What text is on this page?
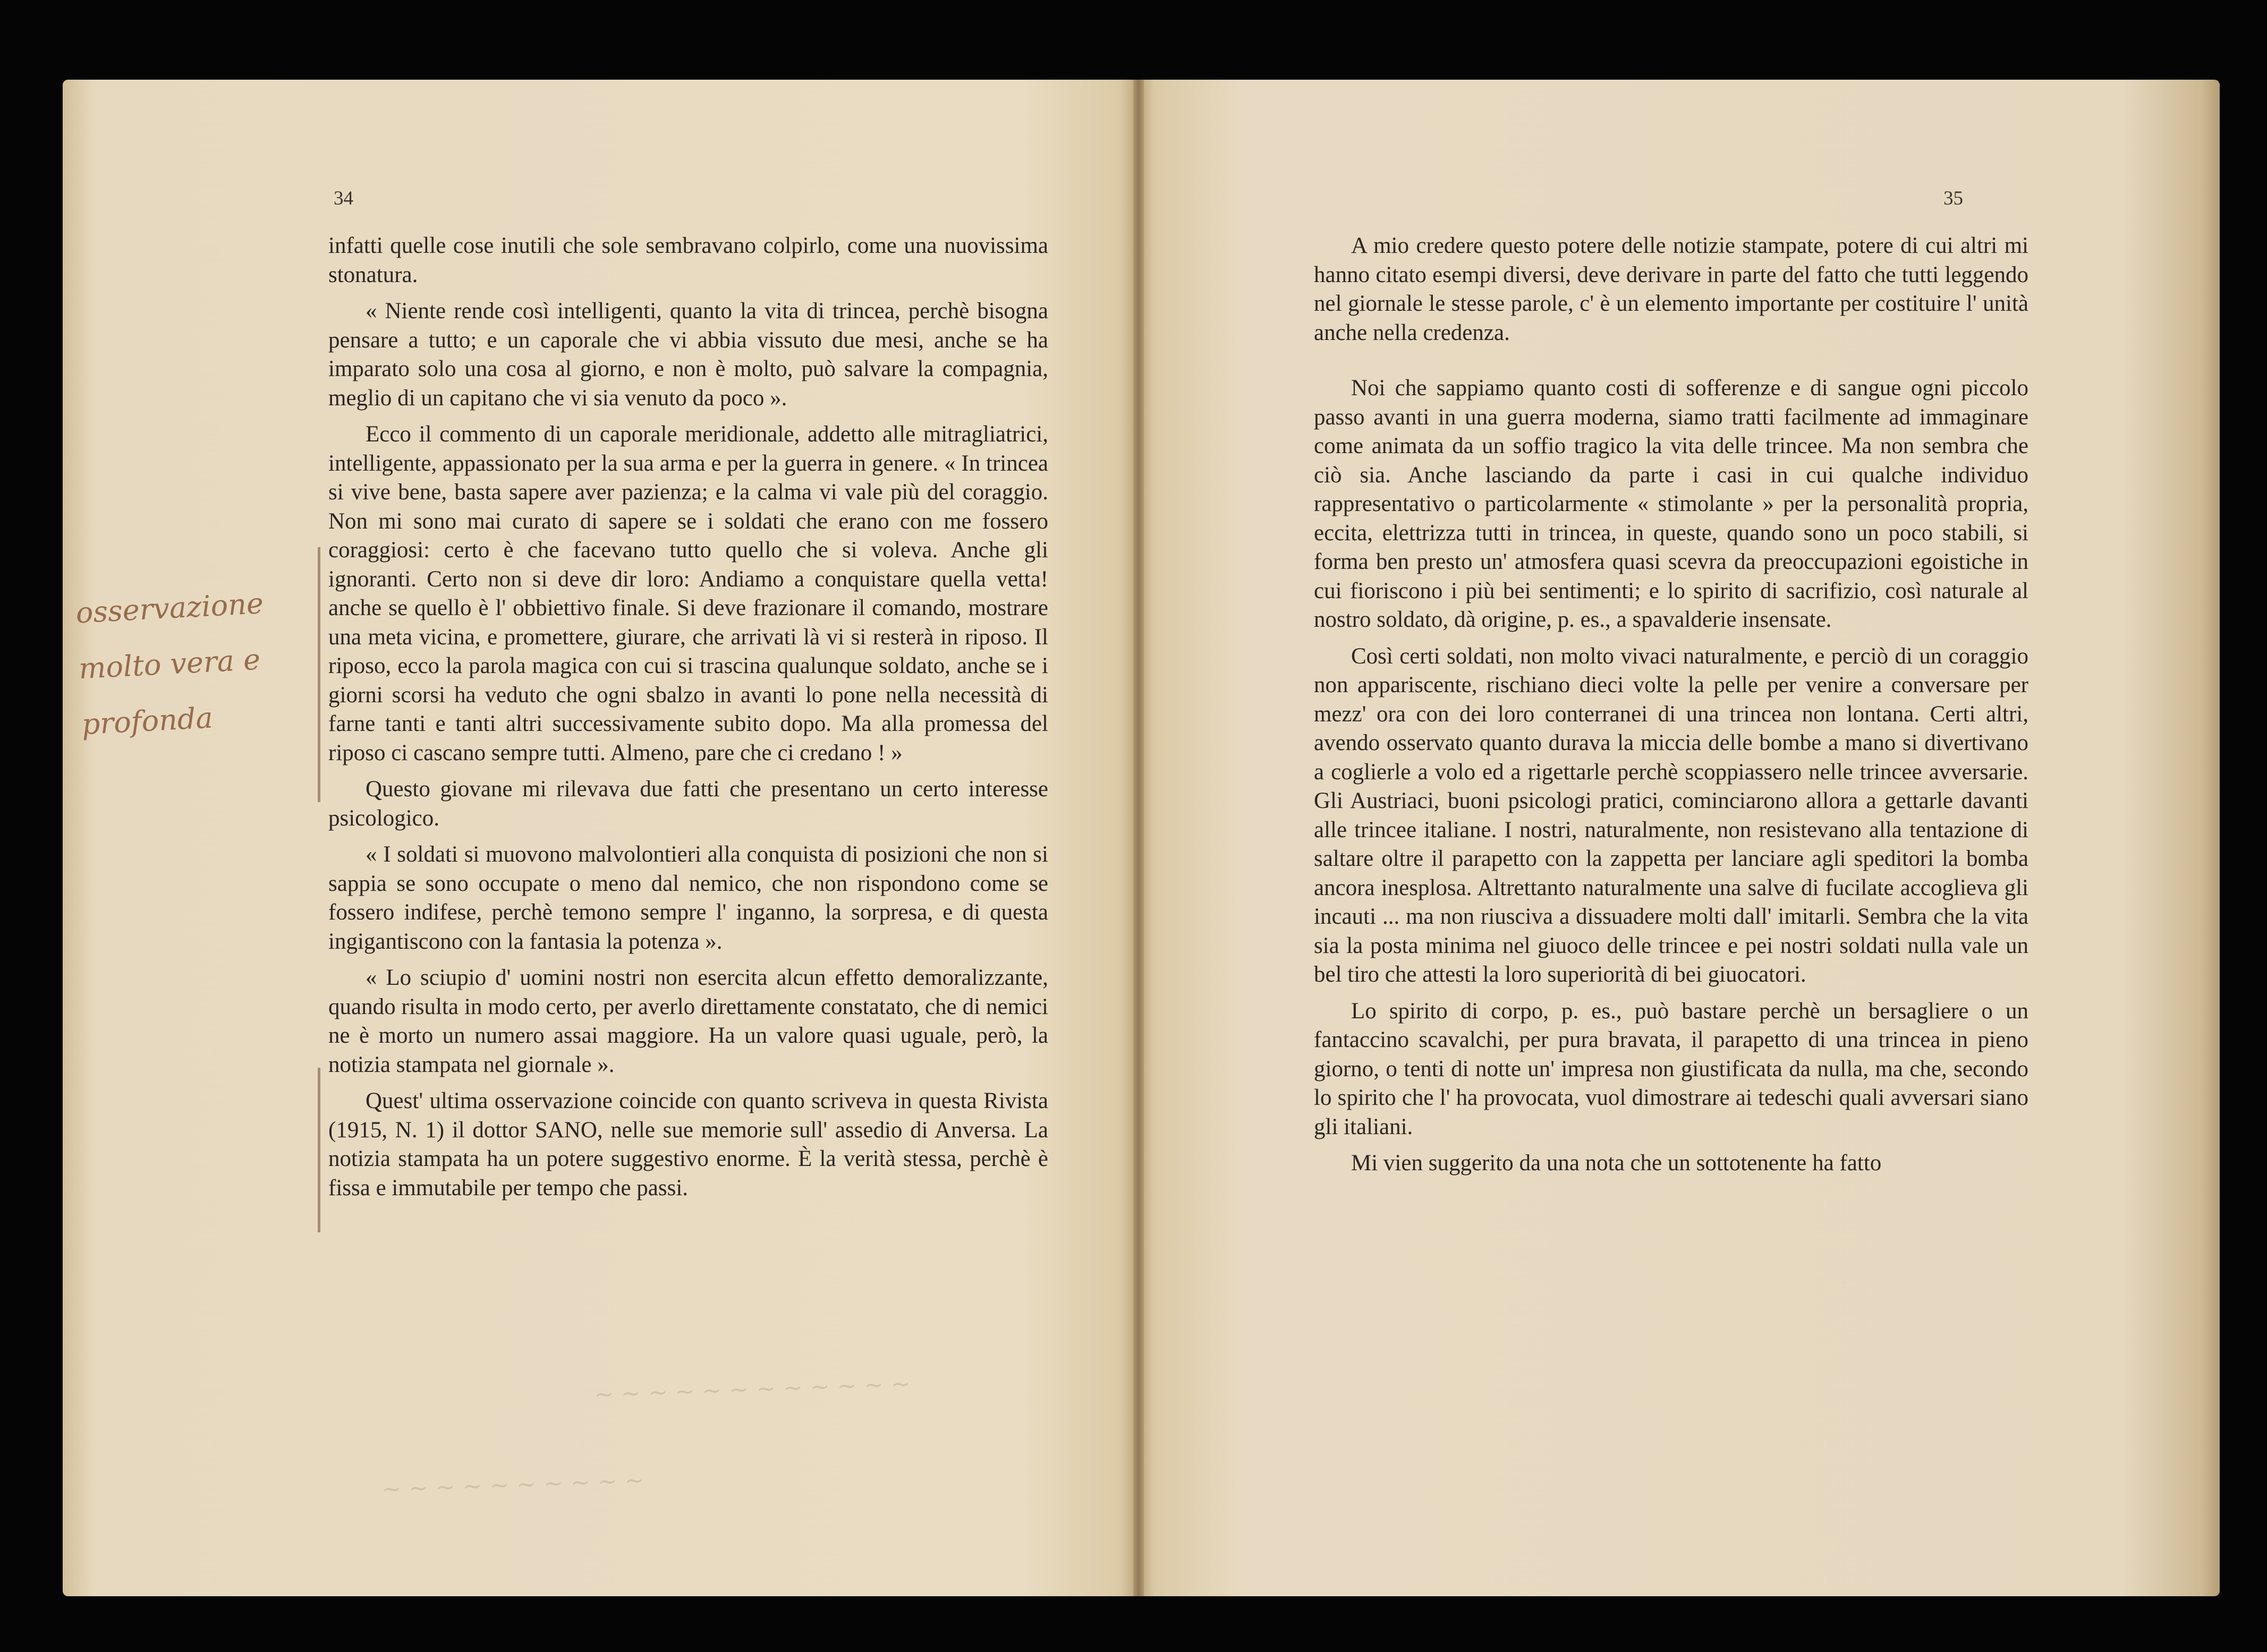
34

infatti quelle cose inutili che sole sembravano colpirlo, come una nuovissima stonatura.

« Niente rende così intelligenti, quanto la vita di trincea, perchè bisogna pensare a tutto; e un caporale che vi abbia vissuto due mesi, anche se ha imparato solo una cosa al giorno, e non è molto, può salvare la compagnia, meglio di un capitano che vi sia venuto da poco ».

Ecco il commento di un caporale meridionale, addetto alle mitragliatrici, intelligente, appassionato per la sua arma e per la guerra in genere. « In trincea si vive bene, basta sapere aver pazienza; e la calma vi vale più del coraggio. Non mi sono mai curato di sapere se i soldati che erano con me fossero coraggiosi: certo è che facevano tutto quello che si voleva. Anche gli ignoranti. Certo non si deve dir loro: Andiamo a conquistare quella vetta! anche se quello è l' obbiettivo finale. Si deve frazionare il comando, mostrare una meta vicina, e promettere, giurare, che arrivati là vi si resterà in riposo. Il riposo, ecco la parola magica con cui si trascina qualunque soldato, anche se i giorni scorsi ha veduto che ogni sbalzo in avanti lo pone nella necessità di farne tanti e tanti altri successivamente subito dopo. Ma alla promessa del riposo ci cascano sempre tutti. Almeno, pare che ci credano ! »

Questo giovane mi rilevava due fatti che presentano un certo interesse psicologico.

« I soldati si muovono malvolontieri alla conquista di posizioni che non si sappia se sono occupate o meno dal nemico, che non rispondono come se fossero indifese, perchè temono sempre l' inganno, la sorpresa, e di questa ingigantiscono con la fantasia la potenza ».

« Lo sciupio d' uomini nostri non esercita alcun effetto demoralizzante, quando risulta in modo certo, per averlo direttamente constatato, che di nemici ne è morto un numero assai maggiore. Ha un valore quasi uguale, però, la notizia stampata nel giornale ».

Quest' ultima osservazione coincide con quanto scriveva in questa Rivista (1915, N. 1) il dottor SANO, nelle sue memorie sull' assedio di Anversa. La notizia stampata ha un potere suggestivo enorme. È la verità stessa, perchè è fissa e immutabile per tempo che passi.

osservazione molto vera e profonda
~ ~ ~ ~ ~ ~ ~ ~ ~ ~ ~ ~
~ ~ ~ ~ ~ ~ ~ ~ ~ ~
35

A mio credere questo potere delle notizie stampate, potere di cui altri mi hanno citato esempi diversi, deve derivare in parte del fatto che tutti leggendo nel giornale le stesse parole, c' è un elemento importante per costituire l' unità anche nella credenza.

Noi che sappiamo quanto costi di sofferenze e di sangue ogni piccolo passo avanti in una guerra moderna, siamo tratti facilmente ad immaginare come animata da un soffio tragico la vita delle trincee. Ma non sembra che ciò sia. Anche lasciando da parte i casi in cui qualche individuo rappresentativo o particolarmente « stimolante » per la personalità propria, eccita, elettrizza tutti in trincea, in queste, quando sono un poco stabili, si forma ben presto un' atmosfera quasi scevra da preoccupazioni egoistiche in cui fioriscono i più bei sentimenti; e lo spirito di sacrifizio, così naturale al nostro soldato, dà origine, p. es., a spavalderie insensate.

Così certi soldati, non molto vivaci naturalmente, e perciò di un coraggio non appariscente, rischiano dieci volte la pelle per venire a conversare per mezz' ora con dei loro conterranei di una trincea non lontana. Certi altri, avendo osservato quanto durava la miccia delle bombe a mano si divertivano a coglierle a volo ed a rigettarle perchè scoppiassero nelle trincee avversarie. Gli Austriaci, buoni psicologi pratici, cominciarono allora a gettarle davanti alle trincee italiane. I nostri, naturalmente, non resistevano alla tentazione di saltare oltre il parapetto con la zappetta per lanciare agli speditori la bomba ancora inesplosa. Altrettanto naturalmente una salve di fucilate accoglieva gli incauti ... ma non riusciva a dissuadere molti dall' imitarli. Sembra che la vita sia la posta minima nel giuoco delle trincee e pei nostri soldati nulla vale un bel tiro che attesti la loro superiorità di bei giuocatori.

Lo spirito di corpo, p. es., può bastare perchè un bersagliere o un fantaccino scavalchi, per pura bravata, il parapetto di una trincea in pieno giorno, o tenti di notte un' impresa non giustificata da nulla, ma che, secondo lo spirito che l' ha provocata, vuol dimostrare ai tedeschi quali avversari siano gli italiani.

Mi vien suggerito da una nota che un sottotenente ha fatto
